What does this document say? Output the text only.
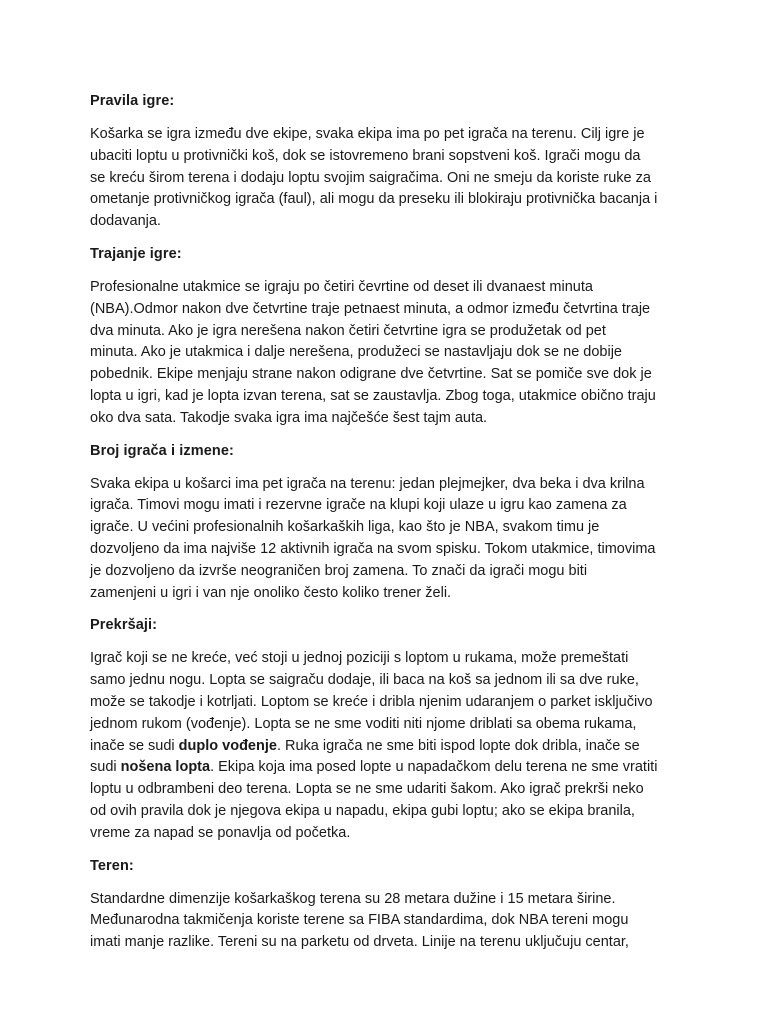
Pravila igre:
Košarka se igra između dve ekipe, svaka ekipa ima po pet igrača na terenu. Cilj igre je
ubaciti loptu u protivnički koš, dok se istovremeno brani sopstveni koš. Igrači mogu da
se kreću širom terena i dodaju loptu svojim saigračima. Oni ne smeju da koriste ruke za
ometanje protivničkog igrača (faul), ali mogu da preseku ili blokiraju protivnička bacanja i
dodavanja.
Trajanje igre:
Profesionalne utakmice se igraju po četiri čevrtine od deset ili dvanaest minuta
(NBA).Odmor nakon dve četvrtine traje petnaest minuta, a odmor između četvrtina traje
dva minuta. Ako je igra nerešena nakon četiri četvrtine igra se produžetak od pet
minuta. Ako je utakmica i dalje nerešena, produžeci se nastavljaju dok se ne dobije
pobednik. Ekipe menjaju strane nakon odigrane dve četvrtine. Sat se pomiče sve dok je
lopta u igri, kad je lopta izvan terena, sat se zaustavlja. Zbog toga, utakmice obično traju
oko dva sata. Takodje svaka igra ima najčešće šest tajm auta.
Broj igrača i izmene:
Svaka ekipa u košarci ima pet igrača na terenu: jedan plejmejker, dva beka i dva krilna
igrača. Timovi mogu imati i rezervne igrače na klupi koji ulaze u igru kao zamena za
igrače. U većini profesionalnih košarkaških liga, kao što je NBA, svakom timu je
dozvoljeno da ima najviše 12 aktivnih igrača na svom spisku. Tokom utakmice, timovima
je dozvoljeno da izvrše neograničen broj zamena. To znači da igrači mogu biti
zamenjeni u igri i van nje onoliko često koliko trener želi.
Prekršaji:
Igrač koji se ne kreće, već stoji u jednoj poziciji s loptom u rukama, može premeštati
samo jednu nogu. Lopta se saigraču dodaje, ili baca na koš sa jednom ili sa dve ruke,
može se takodje i kotrljati. Loptom se kreće i dribla njenim udaranjem o parket isključivo
jednom rukom (vođenje). Lopta se ne sme voditi niti njome driblati sa obema rukama,
inače se sudi duplo vođenje. Ruka igrača ne sme biti ispod lopte dok dribla, inače se
sudi nošena lopta. Ekipa koja ima posed lopte u napadačkom delu terena ne sme vratiti
loptu u odbrambeni deo terena. Lopta se ne sme udariti šakom. Ako igrač prekrši neko
od ovih pravila dok je njegova ekipa u napadu, ekipa gubi loptu; ako se ekipa branila,
vreme za napad se ponavlja od početka.
Teren:
Standardne dimenzije košarkaškog terena su 28 metara dužine i 15 metara širine.
Međunarodna takmičenja koriste terene sa FIBA standardima, dok NBA tereni mogu
imati manje razlike. Tereni su na parketu od drveta. Linije na terenu uključuju centar,
